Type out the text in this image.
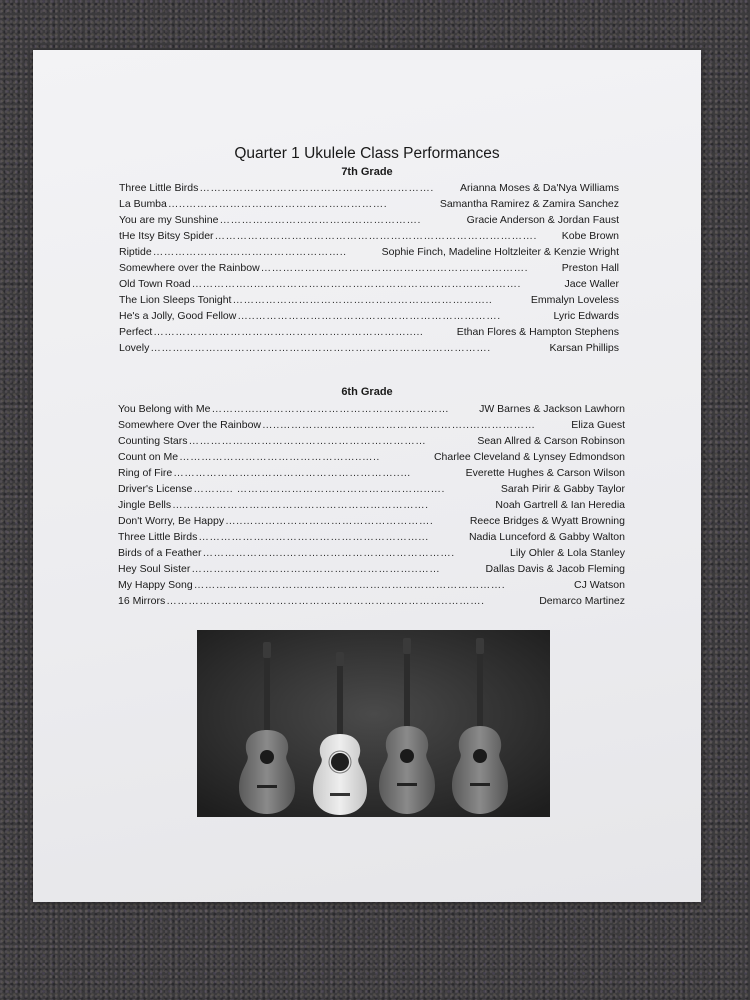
Quarter 1 Ukulele Class Performances
7th Grade
Three Little Birds ……………………………………………………….	Arianna Moses & Da'Nya Williams
La Bumba …..……………………………………………….	Samantha Ramirez & Zamira Sanchez
You are my Sunshine ……………………………………………….	Gracie Anderson & Jordan Faust
tHe Itsy Bitsy Spider …………………………………………………………………………….	Kobe Brown
Riptide ……………………………………………..	Sophie Finch, Madeline Holtzleiter & Kenzie Wright
Somewhere over the Rainbow ……………………………………………………………….	Preston Hall
Old Town Road ……………..……………………………………………………………….	Jace Waller
The Lion Sleeps Tonight ……………………………………………………………..	Emmalyn Loveless
He's a Jolly, Good Fellow …..………………………………………………………….	Lyric Edwards
Perfect …………………………………………………………….....	Ethan Flores & Hampton Stephens
Lovely ………………..……………………………………………………………….	Karsan Phillips
6th Grade
You Belong with Me …………..……………………………………………	JW Barnes & Jackson Lawhorn
Somewhere Over the Rainbow …..……………..……………………………..………………	Eliza Guest
Counting Stars ……………..…………………………………………	Sean Allred & Carson Robinson
Count on Me …………………………………………..…..	Charlee Cleveland & Lynsey Edmondson
Ring of Fire ……………………………………………………..…	Everette Hughes & Carson Wilson
Driver's License ……….. ……………………………………………..….	Sarah Pirir & Gabby Taylor
Jingle Bells …………………………………………………………….	Noah Gartrell & Ian Heredia
Don't Worry, Be Happy …..…………………………………………….	Reece Bridges & Wyatt Browning
Three Little Birds ……………………………………………………...	Nadia Lunceford & Gabby Walton
Birds of a Feather …………………..……………………………………….	Lily Ohler & Lola Stanley
Hey Soul Sister ……………………………………………………..……	Dallas Davis & Jacob Fleming
My Happy Song ………………………………………………………………………….	CJ Watson
16 Mirrors …………………………………………………………………..……….	Demarco Martinez
